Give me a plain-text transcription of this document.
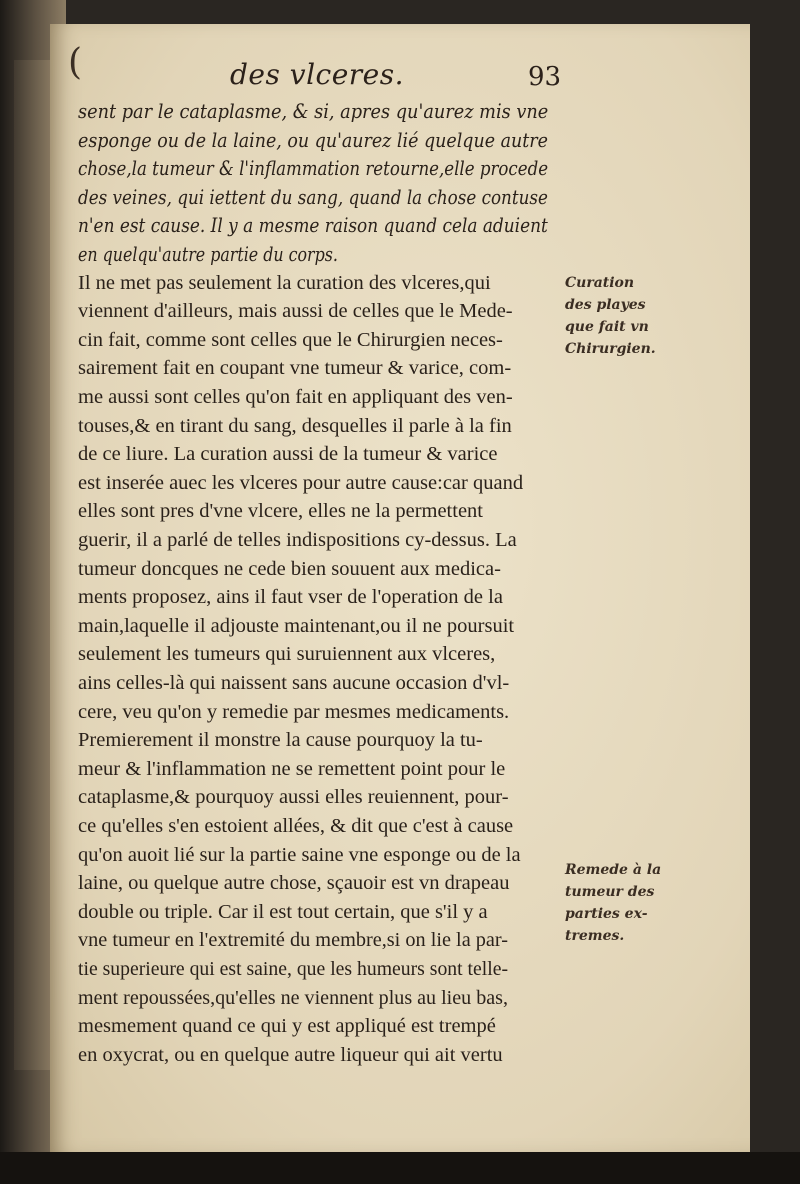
(	des vlceres.	93
sent par le cataplasme, & si, apres qu'aurez mis vne
esponge ou de la laine, ou qu'aurez lié quelque autre
chose,la tumeur & l'inflammation retourne,elle procede
des veines, qui iettent du sang, quand la chose contuse
n'en est cause. Il y a mesme raison quand cela aduient
en quelqu'autre partie du corps.
Il ne met pas seulement la curation des vlceres,qui
viennent d'ailleurs, mais aussi de celles que le Mede-
cin fait, comme sont celles que le Chirurgien neces-
sairement fait en coupant vne tumeur & varice, com-
me aussi sont celles qu'on fait en appliquant des ven-
touses,& en tirant du sang, desquelles il parle à la fin
de ce liure. La curation aussi de la tumeur & varice
est inserée auec les vlceres pour autre cause:car quand
elles sont pres d'vne vlcere, elles ne la permettent
guerir, il a parlé de telles indispositions cy-dessus. La
tumeur doncques ne cede bien souuent aux medica-
ments proposez, ains il faut vser de l'operation de la
main,laquelle il adjouste maintenant,ou il ne poursuit
seulement les tumeurs qui suruiennent aux vlceres,
ains celles-là qui naissent sans aucune occasion d'vl-
cere, veu qu'on y remedie par mesmes medicaments.
Premierement il monstre la cause pourquoy la tu-
meur & l'inflammation ne se remettent point pour le
cataplasme,& pourquoy aussi elles reuiennent, pour-
ce qu'elles s'en estoient allées, & dit que c'est à cause
qu'on auoit lié sur la partie saine vne esponge ou de la
laine, ou quelque autre chose, sçauoir est vn drapeau
double ou triple. Car il est tout certain, que s'il y a
vne tumeur en l'extremité du membre,si on lie la par-
tie superieure qui est saine, que les humeurs sont telle-
ment repoussées,qu'elles ne viennent plus au lieu bas,
mesmement quand ce qui y est appliqué est trempé
en oxycrat, ou en quelque autre liqueur qui ait vertu
Curation
des playes
que fait vn
Chirurgien.
Remede à la
tumeur des
parties ex-
tremes.
